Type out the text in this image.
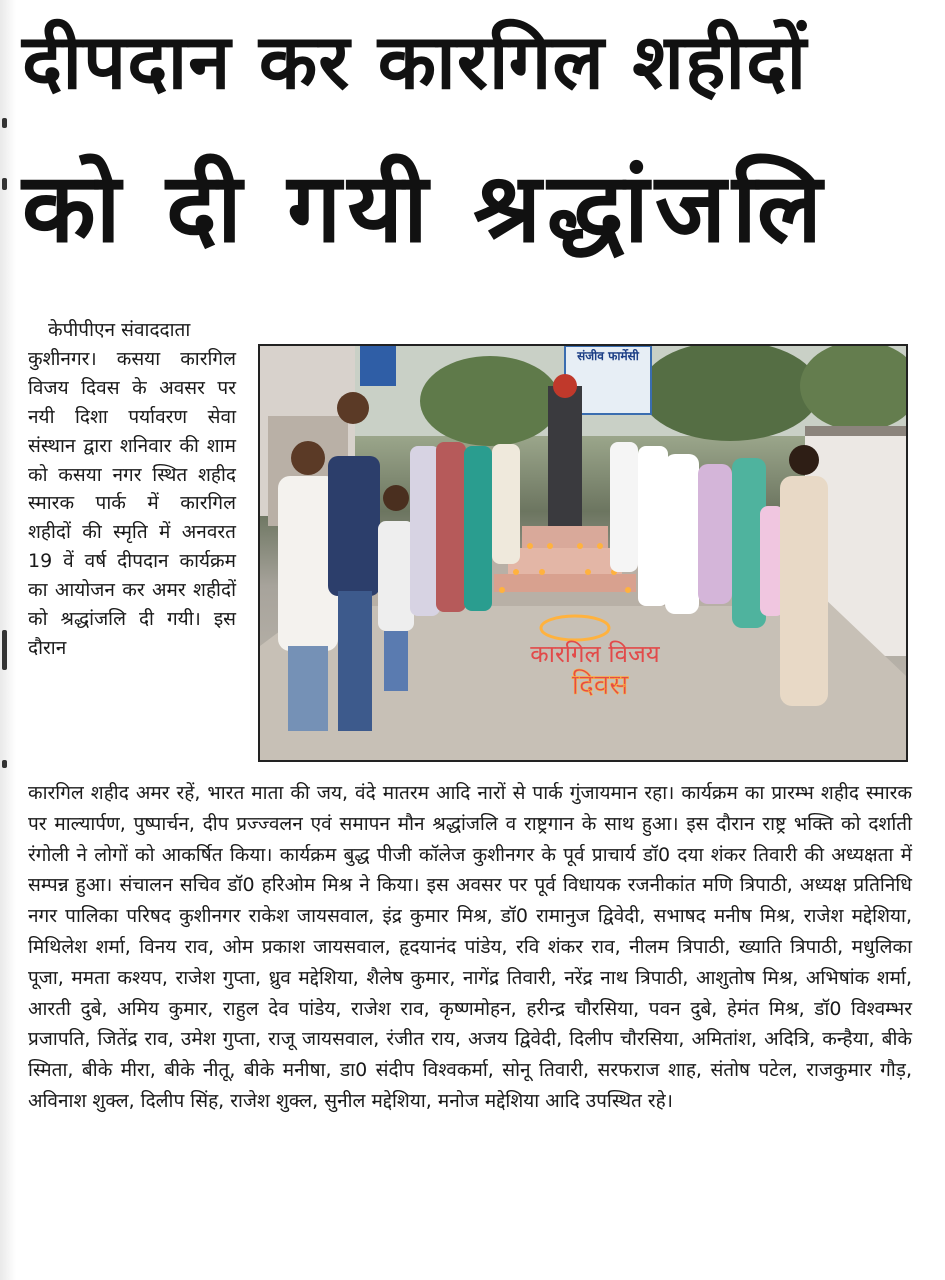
दीपदान कर कारगिल शहीदों
को दी गयी श्रद्धांजलि

केपीपीएन संवाददाता

कुशीनगर। कसया कारगिल विजय दिवस के अवसर पर नयी दिशा पर्यावरण सेवा संस्थान द्वारा शनिवार की शाम को कसया नगर स्थित शहीद स्मारक पार्क में कारगिल शहीदों की स्मृति में अनवरत 19 वें वर्ष दीपदान कार्यक्रम का आयोजन कर अमर शहीदों को श्रद्धांजलि दी गयी। इस दौरान

संजीव फार्मेसी
कारगिल विजय
दिवस

कारगिल शहीद अमर रहें, भारत माता की जय, वंदे मातरम आदि नारों से पार्क गुंजायमान रहा। कार्यक्रम का प्रारम्भ शहीद स्मारक पर माल्यार्पण, पुष्पार्चन, दीप प्रज्ज्वलन एवं समापन मौन श्रद्धांजलि व राष्ट्रगान के साथ हुआ। इस दौरान राष्ट्र भक्ति को दर्शाती रंगोली ने लोगों को आकर्षित किया। कार्यक्रम बुद्ध पीजी कॉलेज कुशीनगर के पूर्व प्राचार्य डॉ0 दया शंकर तिवारी की अध्यक्षता में सम्पन्न हुआ। संचालन सचिव डॉ0 हरिओम मिश्र ने किया। इस अवसर पर पूर्व विधायक रजनीकांत मणि त्रिपाठी, अध्यक्ष प्रतिनिधि नगर पालिका परिषद कुशीनगर राकेश जायसवाल, इंद्र कुमार मिश्र, डॉ0 रामानुज द्विवेदी, सभाषद मनीष मिश्र, राजेश मद्देशिया, मिथिलेश शर्मा, विनय राव, ओम प्रकाश जायसवाल, हृदयानंद पांडेय, रवि शंकर राव, नीलम त्रिपाठी, ख्याति त्रिपाठी, मधुलिका पूजा, ममता कश्यप, राजेश गुप्ता, ध्रुव मद्देशिया, शैलेष कुमार, नागेंद्र तिवारी, नरेंद्र नाथ त्रिपाठी, आशुतोष मिश्र, अभिषांक शर्मा, आरती दुबे, अमिय कुमार, राहुल देव पांडेय, राजेश राव, कृष्णमोहन, हरीन्द्र चौरसिया, पवन दुबे, हेमंत मिश्र, डॉ0 विश्वम्भर प्रजापति, जितेंद्र राव, उमेश गुप्ता, राजू जायसवाल, रंजीत राय, अजय द्विवेदी, दिलीप चौरसिया, अमितांश, अदित्रि, कन्हैया, बीके स्मिता, बीके मीरा, बीके नीतू, बीके मनीषा, डा0 संदीप विश्वकर्मा, सोनू तिवारी, सरफराज शाह, संतोष पटेल, राजकुमार गौड़, अविनाश शुक्ल, दिलीप सिंह, राजेश शुक्ल, सुनील मद्देशिया, मनोज मद्देशिया आदि उपस्थित रहे।
